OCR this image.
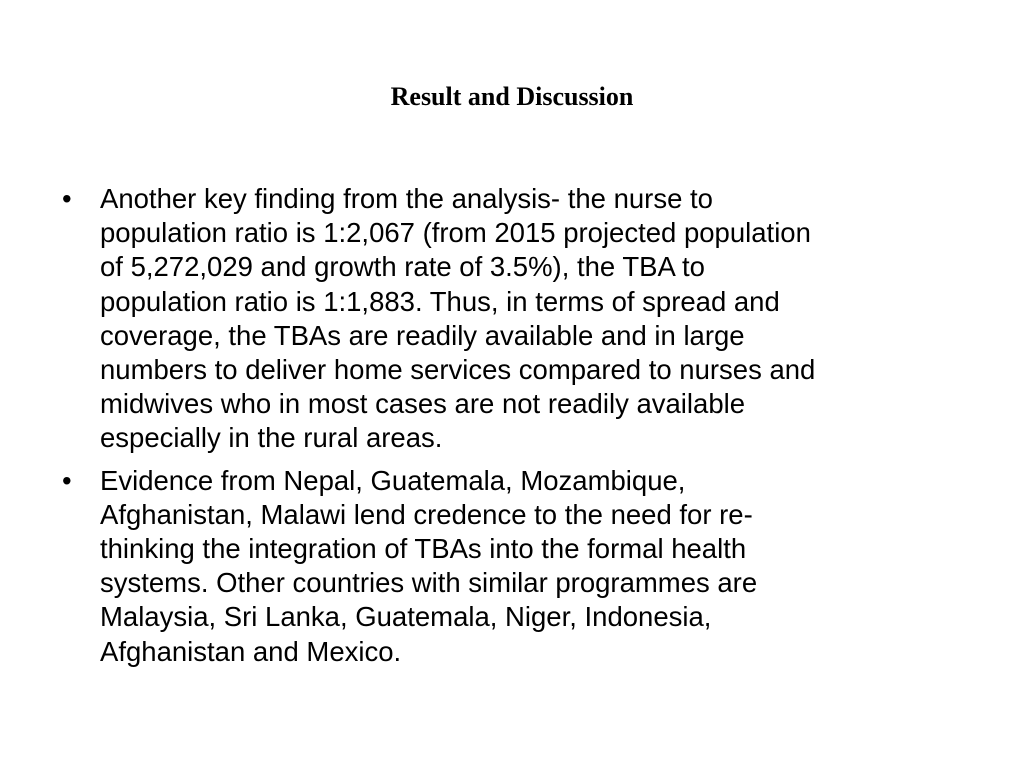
Result and Discussion
•	Another key finding from the analysis- the nurse to
population ratio is 1:2,067 (from 2015 projected population
of 5,272,029 and growth rate of 3.5%), the TBA to
population ratio is 1:1,883. Thus, in terms of spread and
coverage, the TBAs are readily available and in large
numbers to deliver home services compared to nurses and
midwives who in most cases are not readily available
especially in the rural areas.
•	Evidence from Nepal, Guatemala, Mozambique,
Afghanistan, Malawi lend credence to the need for re-
thinking the integration of TBAs into the formal health
systems. Other countries with similar programmes are
Malaysia, Sri Lanka, Guatemala, Niger, Indonesia,
Afghanistan and Mexico.
